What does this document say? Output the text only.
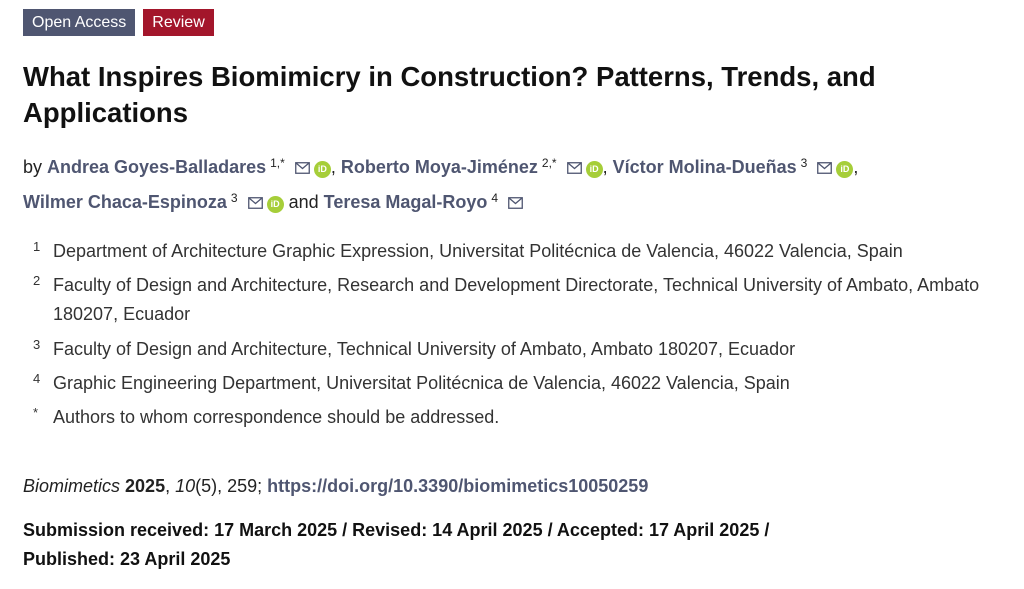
Open Access	Review
What Inspires Biomimicry in Construction? Patterns, Trends, and Applications
by Andrea Goyes-Balladares $^{1,*}$	iD , Roberto Moya-Jiménez $^{2,*}$	iD , Víctor Molina-Dueñas $^3$	iD ,
Wilmer Chaca-Espinoza $^3$	iD and Teresa Magal-Royo $^4$
1 Department of Architecture Graphic Expression, Universitat Politécnica de Valencia, 46022 Valencia, Spain
2 Faculty of Design and Architecture, Research and Development Directorate, Technical University of Ambato, Ambato 180207, Ecuador
3 Faculty of Design and Architecture, Technical University of Ambato, Ambato 180207, Ecuador
4 Graphic Engineering Department, Universitat Politécnica de Valencia, 46022 Valencia, Spain
* Authors to whom correspondence should be addressed.
Biomimetics 2025, 10(5), 259; https://doi.org/10.3390/biomimetics10050259
Submission received: 17 March 2025 / Revised: 14 April 2025 / Accepted: 17 April 2025 /
Published: 23 April 2025
